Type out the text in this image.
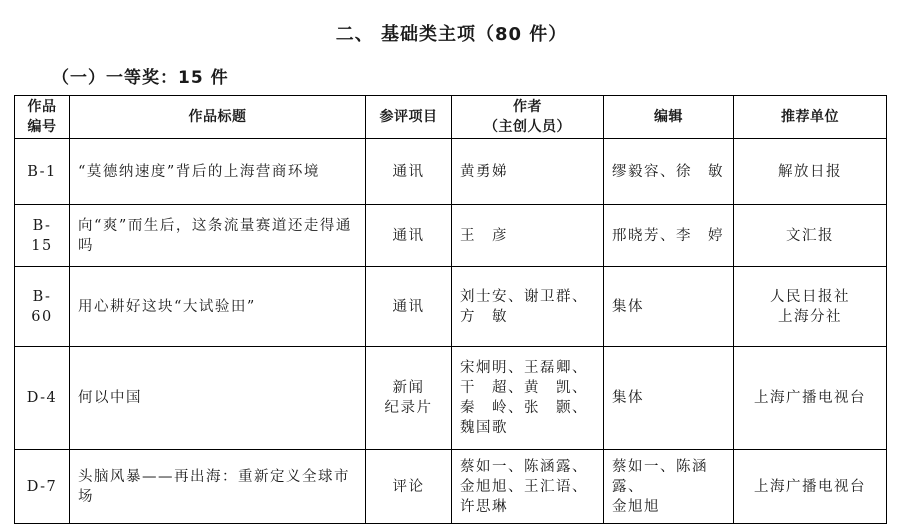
二、 基础类主项（80 件）
（一）一等奖：15 件
作品
编号	作品标题	参评项目	作者
（主创人员）	编辑	推荐单位
B-1	“莫德纳速度”背后的上海营商环境	通讯	黄勇娣	缪毅容、徐　敏	解放日报

B-15	向“爽”而生后，这条流量赛道还走得通
吗	通讯	王　彦	邢晓芳、李　婷	文汇报

B-60	用心耕好这块“大试验田”	通讯	刘士安、谢卫群、
方　敏	集体	人民日报社
上海分社

D-4	何以中国	新闻
纪录片	宋炯明、王磊卿、
干　超、黄　凯、
秦　岭、张　颢、
魏国歌	集体	上海广播电视台

D-7	头脑风暴——再出海：重新定义全球市场	评论	蔡如一、陈涵露、
金旭旭、王汇语、
许思琳	蔡如一、陈涵露、
金旭旭	上海广播电视台
